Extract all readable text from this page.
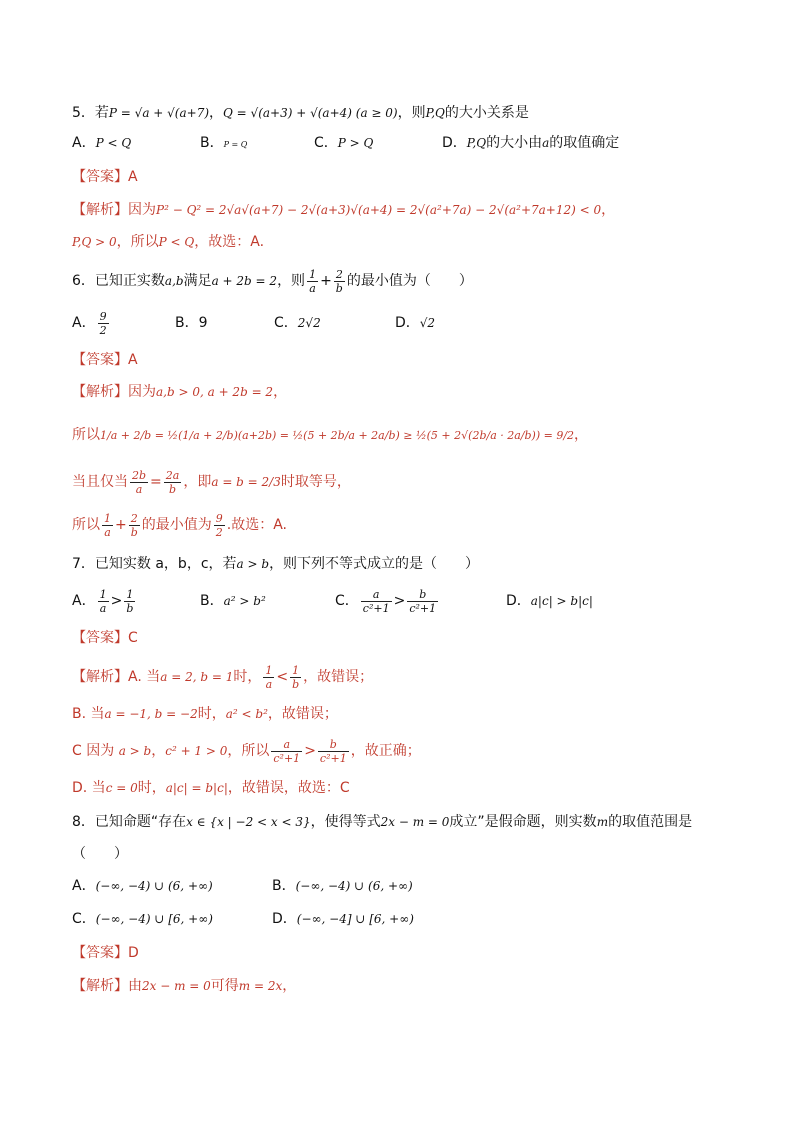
5．若P = √a + √(a+7)，Q = √(a+3) + √(a+4) (a ≥ 0)，则P,Q的大小关系是
A．P < Q	B．P = Q	C．P > Q	D．P,Q的大小由a的取值确定
【答案】A
【解析】因为P² − Q² = 2√a√(a+7) − 2√(a+3)√(a+4) = 2√(a²+7a) − 2√(a²+7a+12) < 0，
P,Q > 0，所以P < Q，故选：A.
6．已知正实数a,b满足a + 2b = 2，则 $\frac{1}{a} + \frac{2}{b}$ 的最小值为（　　）
A． $\frac{9}{2}$	B．9	C．2√2	D．√2
【答案】A
【解析】因为a,b > 0, a + 2b = 2，
所以1/a + 2/b = ½(1/a + 2/b)(a+2b) = ½(5 + 2b/a + 2a/b) ≥ ½(5 + 2√(2b/a · 2a/b)) = 9/2，
当且仅当 $\frac{2b}{a} = \frac{2a}{b}$ ，即a = b = 2/3时取等号，
所以 $\frac{1}{a} + \frac{2}{b}$ 的最小值为 $\frac{9}{2}$ .故选：A.
7．已知实数 a，b，c，若a > b，则下列不等式成立的是（　　）
A． $\frac{1}{a} > \frac{1}{b}$	B．a² > b²	C． $\frac{a}{\text{c²+1}} > \frac{b}{\text{c²+1}}$	D．a|c| > b|c|
【答案】C
【解析】A. 当a = 2, b = 1时， $\frac{1}{a} < \frac{1}{b}$ ，故错误；
B. 当a = −1, b = −2时，a² < b²，故错误；
C 因为 a > b，c² + 1 > 0，所以 $\frac{a}{\text{c²+1}} > \frac{b}{\text{c²+1}}$ ，故正确；
D. 当c = 0时，a|c| = b|c|，故错误，故选：C
8．已知命题“存在x ∈ {x | −2 < x < 3}，使得等式2x − m = 0成立”是假命题，则实数m的取值范围是
（　　）
A．(−∞, −4) ∪ (6, +∞)	B．(−∞, −4) ∪ (6, +∞)
C．(−∞, −4) ∪ [6, +∞)	D．(−∞, −4] ∪ [6, +∞)
【答案】D
【解析】由2x − m = 0可得m = 2x，
